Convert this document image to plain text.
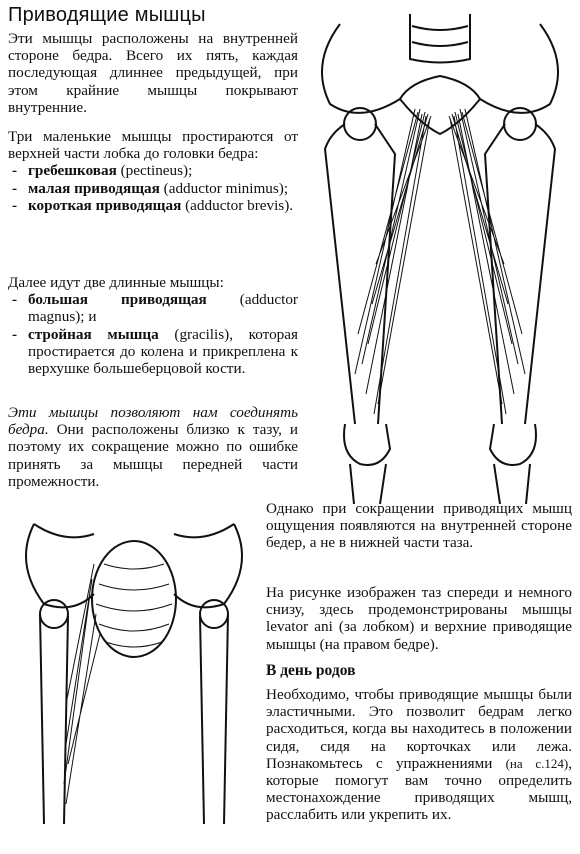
Приводящие мышцы

Эти мышцы расположены на внутренней стороне бедра. Всего их пять, каждая последующая длиннее предыдущей, при этом крайние мышцы покрывают внутренние.

Три маленькие мышцы простираются от верхней части лобка до головки бедра:

- гребешковая (pectineus);
- малая приводящая (adductor minimus);
- короткая приводящая (adductor brevis).

Далее идут две длинные мышцы:

- большая приводящая (adductor magnus); и
- стройная мышца (gracilis), которая простирается до колена и прикреплена к верхушке большеберцовой кости.

Эти мышцы позволяют нам соединять бедра. Они расположены близко к тазу, и поэтому их сокращение можно по ошибке принять за мышцы передней части промежности.

Однако при сокращении приводящих мышц ощущения появляются на внутренней стороне бедер, а не в нижней части таза.

На рисунке изображен таз спереди и немного снизу, здесь продемонстрированы мышцы levator ani (за лобком) и верхние приводящие мышцы (на правом бедре).

В день родов

Необходимо, чтобы приводящие мышцы были эластичными. Это позволит бедрам легко расходиться, когда вы находитесь в положении сидя, сидя на корточках или лежа. Познакомьтесь с упражнениями (на с.124), которые помогут вам точно определить местонахождение приводящих мышц, расслабить или укрепить их.
